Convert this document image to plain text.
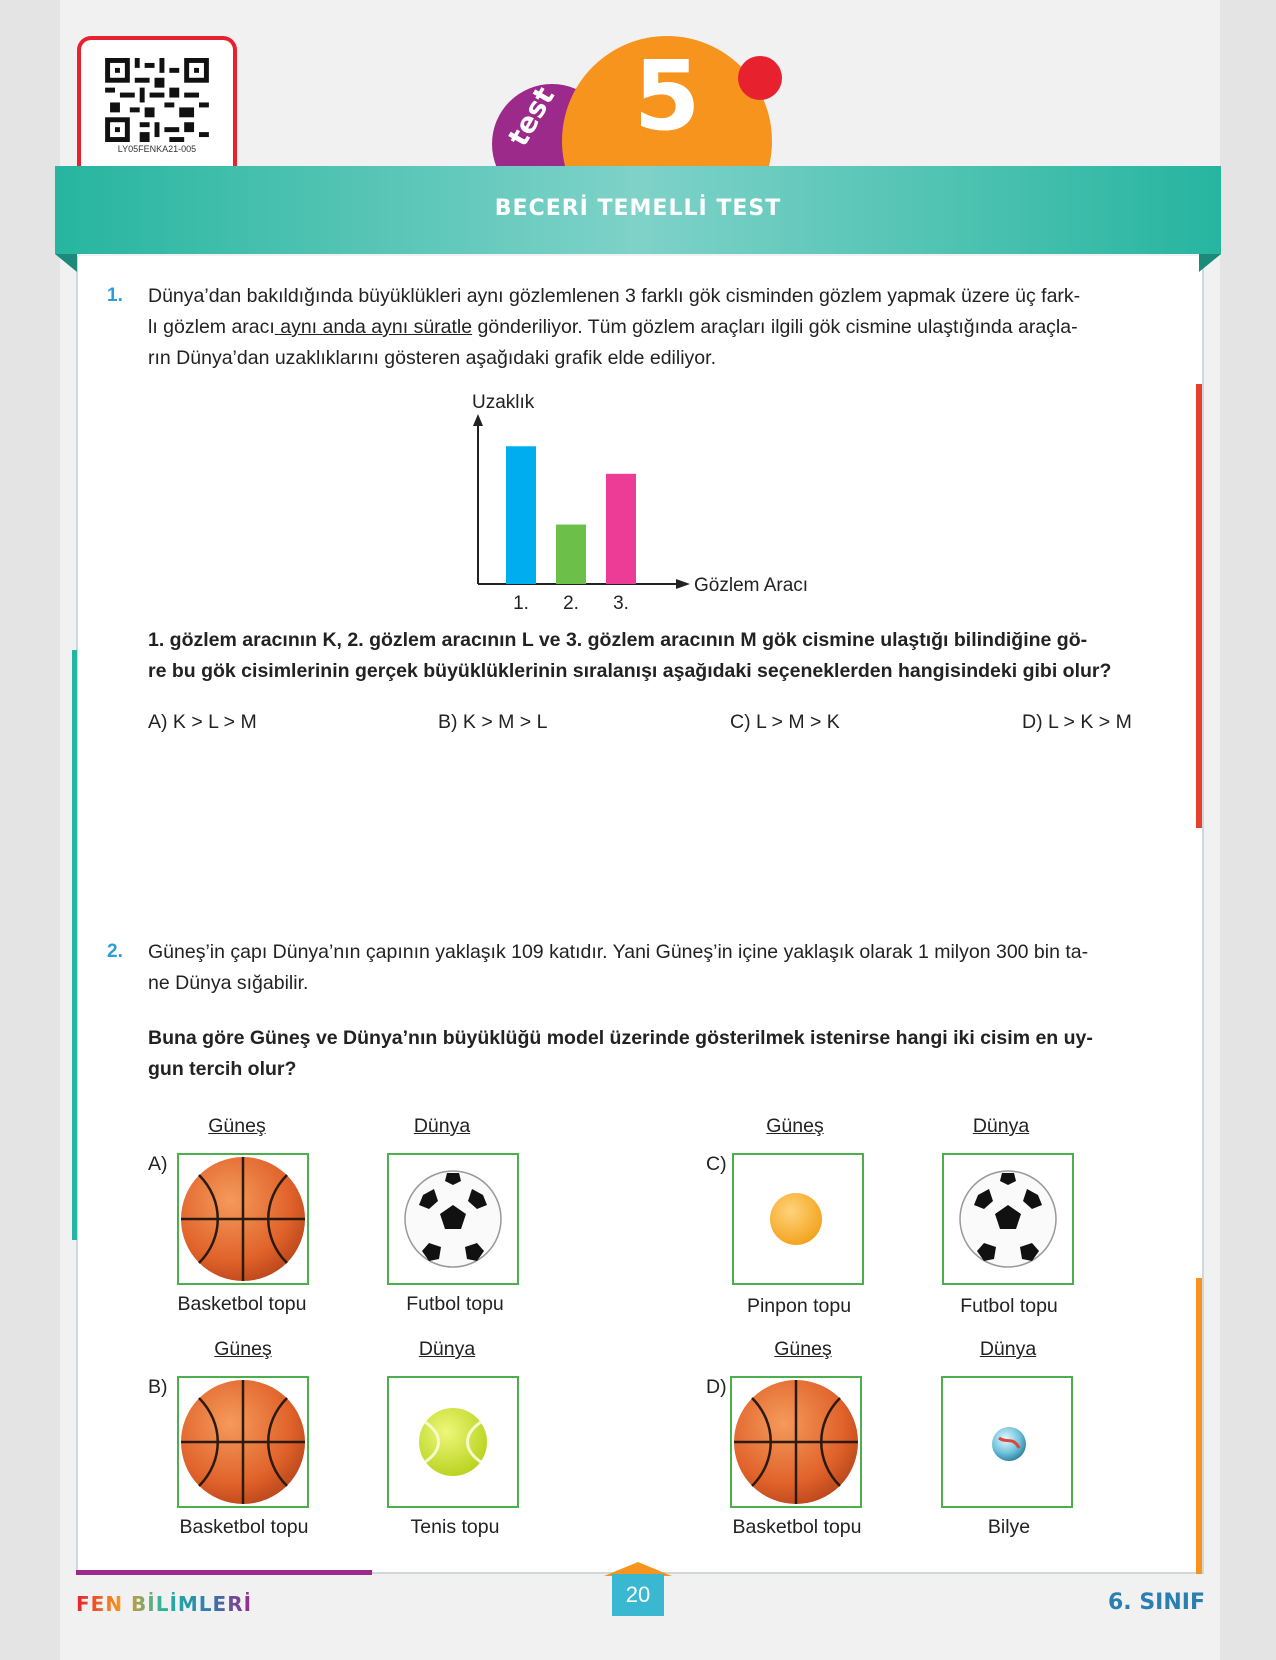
LY05FENKA21-005	test 5
BECERİ TEMELLİ TEST
1. Dünya’dan bakıldığında büyüklükleri aynı gözlemlenen 3 farklı gök cisminden gözlem yapmak üzere üç fark-
lı gözlem aracı aynı anda aynı süratle gönderiliyor. Tüm gözlem araçları ilgili gök cismine ulaştığında araçla-
rın Dünya’dan uzaklıklarını gösteren aşağıdaki grafik elde ediliyor.
Uzaklık
Gözlem Aracı
1. 2. 3.
1. gözlem aracının K, 2. gözlem aracının L ve 3. gözlem aracının M gök cismine ulaştığı bilindiğine gö-
re bu gök cisimlerinin gerçek büyüklüklerinin sıralanışı aşağıdaki seçeneklerden hangisindeki gibi olur?
A) K > L > M	B) K > M > L	C) L > M > K	D) L > K > M
2. Güneş’in çapı Dünya’nın çapının yaklaşık 109 katıdır. Yani Güneş’in içine yaklaşık olarak 1 milyon 300 bin ta-
ne Dünya sığabilir.
Buna göre Güneş ve Dünya’nın büyüklüğü model üzerinde gösterilmek istenirse hangi iki cisim en uy-
gun tercih olur?
A)
Güneş	Dünya
Basketbol topu	Futbol topu
C)
Güneş	Dünya
Pinpon topu	Futbol topu
B)
Güneş	Dünya
Basketbol topu	Tenis topu
D)
Güneş	Dünya
Basketbol topu	Bilye
20
FEN BİLİMLERİ	6. SINIF
